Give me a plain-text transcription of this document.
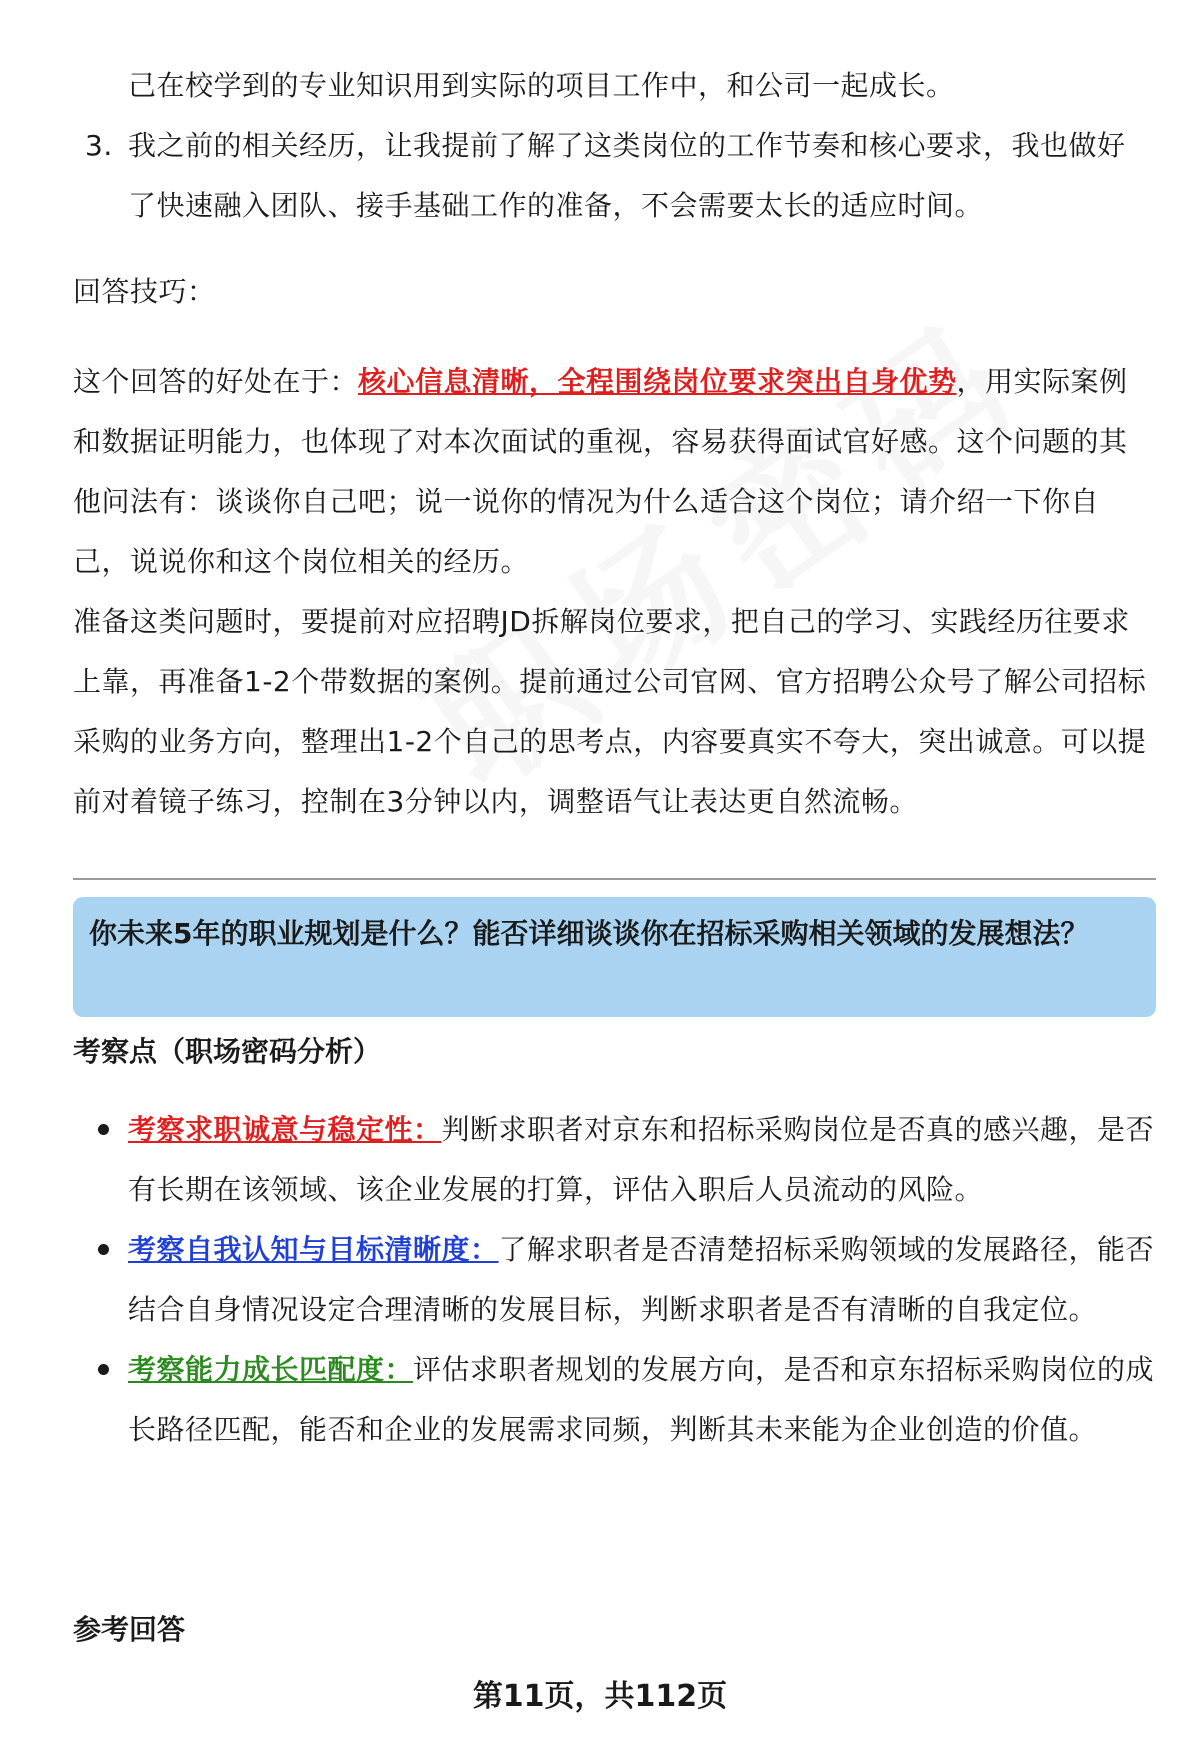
己在校学到的专业知识用到实际的项目工作中，和公司一起成长。
3. 我之前的相关经历，让我提前了解了这类岗位的工作节奏和核心要求，我也做好了快速融入团队、接手基础工作的准备，不会需要太长的适应时间。
回答技巧：
这个回答的好处在于：核心信息清晰，全程围绕岗位要求突出自身优势，用实际案例和数据证明能力，也体现了对本次面试的重视，容易获得面试官好感。这个问题的其他问法有：谈谈你自己吧；说一说你的情况为什么适合这个岗位；请介绍一下你自己，说说你和这个岗位相关的经历。
准备这类问题时，要提前对应招聘JD拆解岗位要求，把自己的学习、实践经历往要求上靠，再准备1-2个带数据的案例。提前通过公司官网、官方招聘公众号了解公司招标采购的业务方向，整理出1-2个自己的思考点，内容要真实不夸大，突出诚意。可以提前对着镜子练习，控制在3分钟以内，调整语气让表达更自然流畅。
你未来5年的职业规划是什么？能否详细谈谈你在招标采购相关领域的发展想法？
考察点（职场密码分析）
考察求职诚意与稳定性：判断求职者对京东和招标采购岗位是否真的感兴趣，是否有长期在该领域、该企业发展的打算，评估入职后人员流动的风险。
考察自我认知与目标清晰度：了解求职者是否清楚招标采购领域的发展路径，能否结合自身情况设定合理清晰的发展目标，判断求职者是否有清晰的自我定位。
考察能力成长匹配度：评估求职者规划的发展方向，是否和京东招标采购岗位的成长路径匹配，能否和企业的发展需求同频，判断其未来能为企业创造的价值。
参考回答
第11页，共112页
